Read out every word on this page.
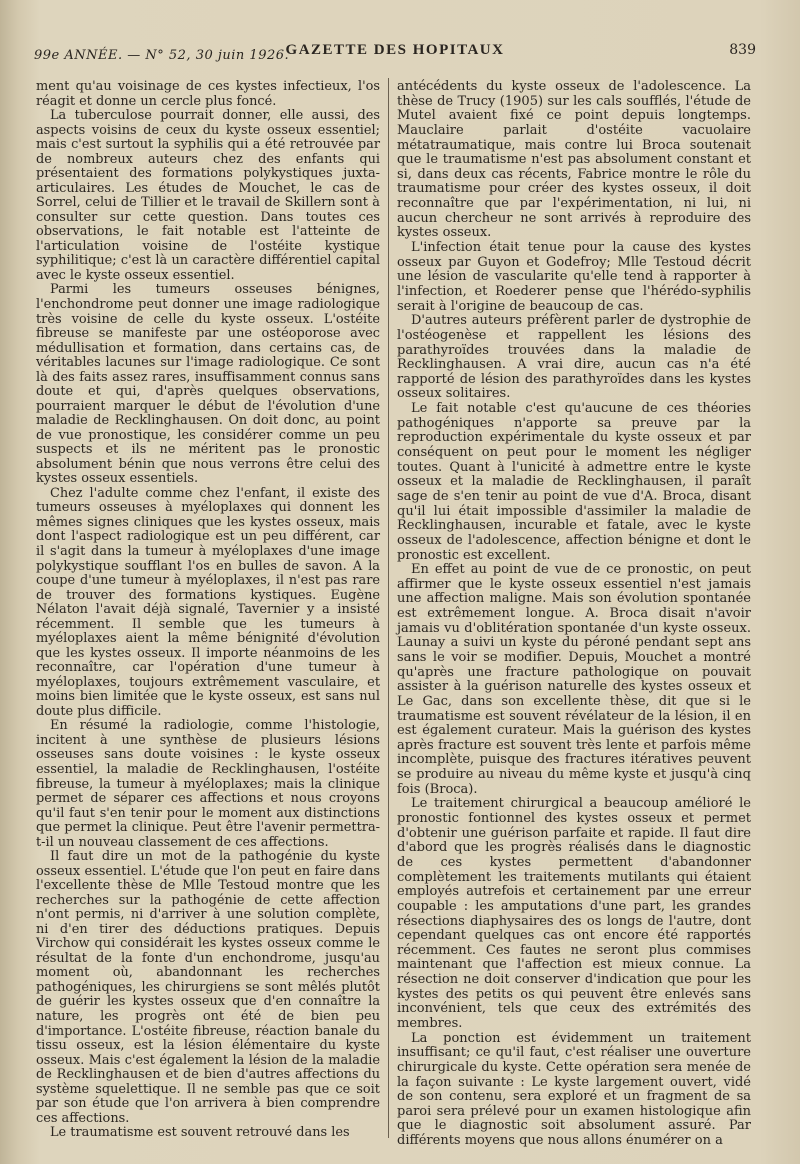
99e ANNÉE. — N° 52, 30 juin 1926.
GAZETTE DES HOPITAUX	839

ment qu'au voisinage de ces kystes infectieux, l'os réagit et donne un cercle plus foncé.

La tuberculose pourrait donner, elle aussi, des aspects voisins de ceux du kyste osseux essentiel; mais c'est surtout la syphilis qui a été retrouvée par de nombreux auteurs chez des enfants qui présentaient des formations polykystiques juxta-articulaires. Les études de Mouchet, le cas de Sorrel, celui de Tillier et le travail de Skillern sont à consulter sur cette question. Dans toutes ces observations, le fait notable est l'atteinte de l'articulation voisine de l'ostéite kystique syphilitique; c'est là un caractère différentiel capital avec le kyste osseux essentiel.

Parmi les tumeurs osseuses bénignes, l'enchondrome peut donner une image radiologique très voisine de celle du kyste osseux. L'ostéite fibreuse se manifeste par une ostéoporose avec médullisation et formation, dans certains cas, de véritables lacunes sur l'image radiologique. Ce sont là des faits assez rares, insuffisamment connus sans doute et qui, d'après quelques observations, pourraient marquer le début de l'évolution d'une maladie de Recklinghausen. On doit donc, au point de vue pronostique, les considérer comme un peu suspects et ils ne méritent pas le pronostic absolument bénin que nous verrons être celui des kystes osseux essentiels.

Chez l'adulte comme chez l'enfant, il existe des tumeurs osseuses à myéloplaxes qui donnent les mêmes signes cliniques que les kystes osseux, mais dont l'aspect radiologique est un peu différent, car il s'agit dans la tumeur à myéloplaxes d'une image polykystique soufflant l'os en bulles de savon. A la coupe d'une tumeur à myéloplaxes, il n'est pas rare de trouver des formations kystiques. Eugène Nélaton l'avait déjà signalé, Tavernier y a insisté récemment. Il semble que les tumeurs à myéloplaxes aient la même bénignité d'évolution que les kystes osseux. Il importe néanmoins de les reconnaître, car l'opération d'une tumeur à myéloplaxes, toujours extrêmement vasculaire, et moins bien limitée que le kyste osseux, est sans nul doute plus difficile.

En résumé la radiologie, comme l'histologie, incitent à une synthèse de plusieurs lésions osseuses sans doute voisines : le kyste osseux essentiel, la maladie de Recklinghausen, l'ostéite fibreuse, la tumeur à myéloplaxes; mais la clinique permet de séparer ces affections et nous croyons qu'il faut s'en tenir pour le moment aux distinctions que permet la clinique. Peut être l'avenir permettra-t-il un nouveau classement de ces affections.

Il faut dire un mot de la pathogénie du kyste osseux essentiel. L'étude que l'on peut en faire dans l'excellente thèse de Mlle Testoud montre que les recherches sur la pathogénie de cette affection n'ont permis, ni d'arriver à une solution complète, ni d'en tirer des déductions pratiques. Depuis Virchow qui considérait les kystes osseux comme le résultat de la fonte d'un enchondrome, jusqu'au moment où, abandonnant les recherches pathogéniques, les chirurgiens se sont mêlés plutôt de guérir les kystes osseux que d'en connaître la nature, les progrès ont été de bien peu d'importance. L'ostéite fibreuse, réaction banale du tissu osseux, est la lésion élémentaire du kyste osseux. Mais c'est également la lésion de la maladie de Recklinghausen et de bien d'autres affections du système squelettique. Il ne semble pas que ce soit par son étude que l'on arrivera à bien comprendre ces affections.

Le traumatisme est souvent retrouvé dans les

antécédents du kyste osseux de l'adolescence. La thèse de Trucy (1905) sur les cals soufflés, l'étude de Mutel avaient fixé ce point depuis longtemps. Mauclaire parlait d'ostéite vacuolaire métatraumatique, mais contre lui Broca soutenait que le traumatisme n'est pas absolument constant et si, dans deux cas récents, Fabrice montre le rôle du traumatisme pour créer des kystes osseux, il doit reconnaître que par l'expérimentation, ni lui, ni aucun chercheur ne sont arrivés à reproduire des kystes osseux.

L'infection était tenue pour la cause des kystes osseux par Guyon et Godefroy; Mlle Testoud décrit une lésion de vascularite qu'elle tend à rapporter à l'infection, et Roederer pense que l'hérédo-syphilis serait à l'origine de beaucoup de cas.

D'autres auteurs préfèrent parler de dystrophie de l'ostéogenèse et rappellent les lésions des parathyroïdes trouvées dans la maladie de Recklinghausen. A vrai dire, aucun cas n'a été rapporté de lésion des parathyroïdes dans les kystes osseux solitaires.

Le fait notable c'est qu'aucune de ces théories pathogéniques n'apporte sa preuve par la reproduction expérimentale du kyste osseux et par conséquent on peut pour le moment les négliger toutes. Quant à l'unicité à admettre entre le kyste osseux et la maladie de Recklinghausen, il paraît sage de s'en tenir au point de vue d'A. Broca, disant qu'il lui était impossible d'assimiler la maladie de Recklinghausen, incurable et fatale, avec le kyste osseux de l'adolescence, affection bénigne et dont le pronostic est excellent.

En effet au point de vue de ce pronostic, on peut affirmer que le kyste osseux essentiel n'est jamais une affection maligne. Mais son évolution spontanée est extrêmement longue. A. Broca disait n'avoir jamais vu d'oblitération spontanée d'un kyste osseux. Launay a suivi un kyste du péroné pendant sept ans sans le voir se modifier. Depuis, Mouchet a montré qu'après une fracture pathologique on pouvait assister à la guérison naturelle des kystes osseux et Le Gac, dans son excellente thèse, dit que si le traumatisme est souvent révélateur de la lésion, il en est également curateur. Mais la guérison des kystes après fracture est souvent très lente et parfois même incomplète, puisque des fractures itératives peuvent se produire au niveau du même kyste et jusqu'à cinq fois (Broca).

Le traitement chirurgical a beaucoup amélioré le pronostic fontionnel des kystes osseux et permet d'obtenir une guérison parfaite et rapide. Il faut dire d'abord que les progrès réalisés dans le diagnostic de ces kystes permettent d'abandonner complètement les traitements mutilants qui étaient employés autrefois et certainement par une erreur coupable : les amputations d'une part, les grandes résections diaphysaires des os longs de l'autre, dont cependant quelques cas ont encore été rapportés récemment. Ces fautes ne seront plus commises maintenant que l'affection est mieux connue. La résection ne doit conserver d'indication que pour les kystes des petits os qui peuvent être enlevés sans inconvénient, tels que ceux des extrémités des membres.

La ponction est évidemment un traitement insuffisant; ce qu'il faut, c'est réaliser une ouverture chirurgicale du kyste. Cette opération sera menée de la façon suivante : Le kyste largement ouvert, vidé de son contenu, sera exploré et un fragment de sa paroi sera prélevé pour un examen histologique afin que le diagnostic soit absolument assuré. Par différents moyens que nous allons énumérer on a
